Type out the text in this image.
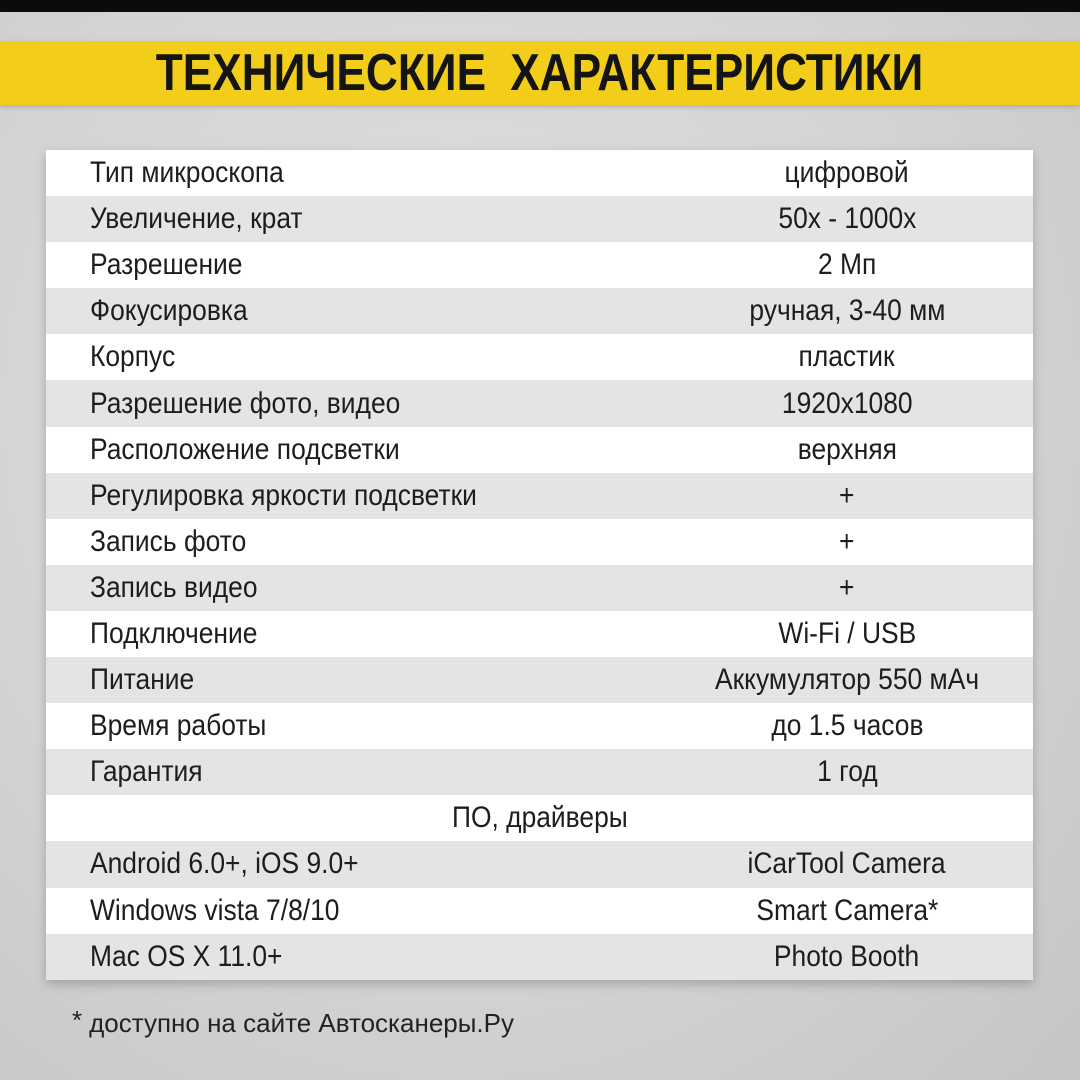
ТЕХНИЧЕСКИЕ ХАРАКТЕРИСТИКИ
Тип микроскопа	цифровой
Увеличение, крат	50x - 1000x
Разрешение	2 Мп
Фокусировка	ручная, 3-40 мм
Корпус	пластик
Разрешение фото, видео	1920x1080
Расположение подсветки	верхняя
Регулировка яркости подсветки	+
Запись фото	+
Запись видео	+
Подключение	Wi-Fi / USB
Питание	Аккумулятор 550 мАч
Время работы	до 1.5 часов
Гарантия	1 год
ПО, драйверы
Android 6.0+, iOS 9.0+	iCarTool Camera
Windows vista 7/8/10	Smart Camera*
Mac OS X 11.0+	Photo Booth
* доступно на сайте Автосканеры.Ру
